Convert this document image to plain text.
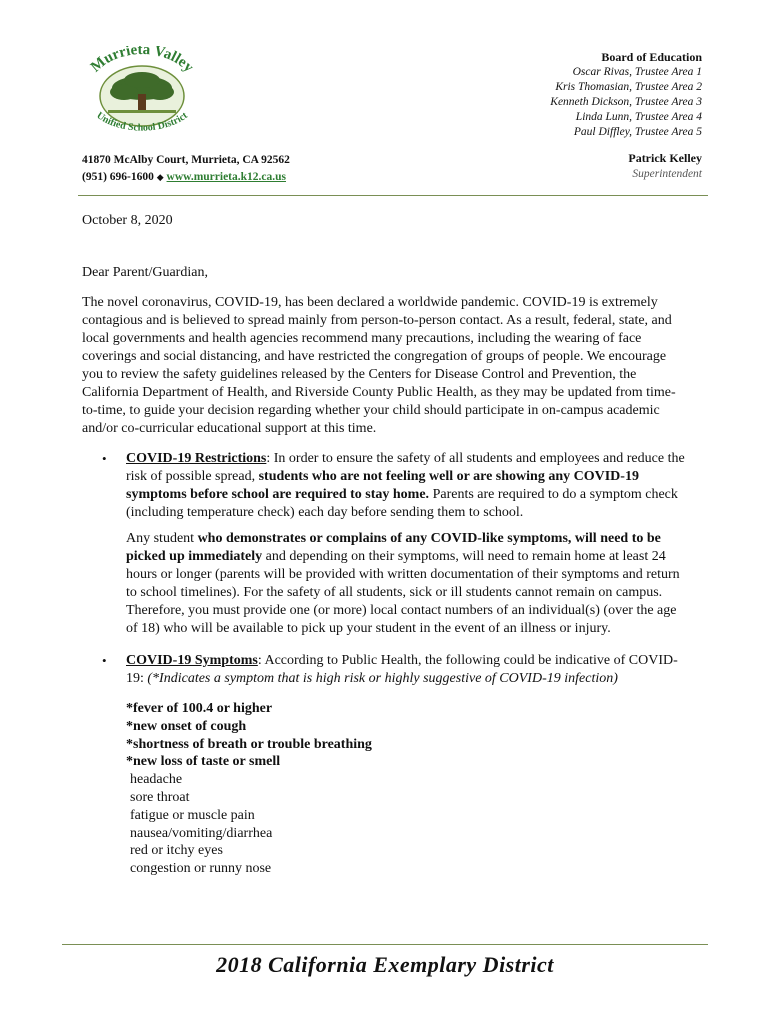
Murrieta Valley
Unified School District
41870 McAlby Court, Murrieta, CA 92562
(951) 696-1600 ◆ www.murrieta.k12.ca.us
Board of Education
Oscar Rivas, Trustee Area 1
Kris Thomasian, Trustee Area 2
Kenneth Dickson, Trustee Area 3
Linda Lunn, Trustee Area 4
Paul Diffley, Trustee Area 5
Patrick Kelley
Superintendent

October 8, 2020

Dear Parent/Guardian,

The novel coronavirus, COVID-19, has been declared a worldwide pandemic. COVID-19 is extremely contagious and is believed to spread mainly from person-to-person contact. As a result, federal, state, and local governments and health agencies recommend many precautions, including the wearing of face coverings and social distancing, and have restricted the congregation of groups of people. We encourage you to review the safety guidelines released by the Centers for Disease Control and Prevention, the California Department of Health, and Riverside County Public Health, as they may be updated from time-to-time, to guide your decision regarding whether your child should participate in on-campus academic and/or co-curricular educational support at this time.

• COVID-19 Restrictions: In order to ensure the safety of all students and employees and reduce the risk of possible spread, students who are not feeling well or are showing any COVID-19 symptoms before school are required to stay home. Parents are required to do a symptom check (including temperature check) each day before sending them to school.

Any student who demonstrates or complains of any COVID-like symptoms, will need to be picked up immediately and depending on their symptoms, will need to remain home at least 24 hours or longer (parents will be provided with written documentation of their symptoms and return to school timelines). For the safety of all students, sick or ill students cannot remain on campus. Therefore, you must provide one (or more) local contact numbers of an individual(s) (over the age of 18) who will be available to pick up your student in the event of an illness or injury.

• COVID-19 Symptoms: According to Public Health, the following could be indicative of COVID-19: (*Indicates a symptom that is high risk or highly suggestive of COVID-19 infection)
*fever of 100.4 or higher
*new onset of cough
*shortness of breath or trouble breathing
*new loss of taste or smell
headache
sore throat
fatigue or muscle pain
nausea/vomiting/diarrhea
red or itchy eyes
congestion or runny nose
2018 California Exemplary District
